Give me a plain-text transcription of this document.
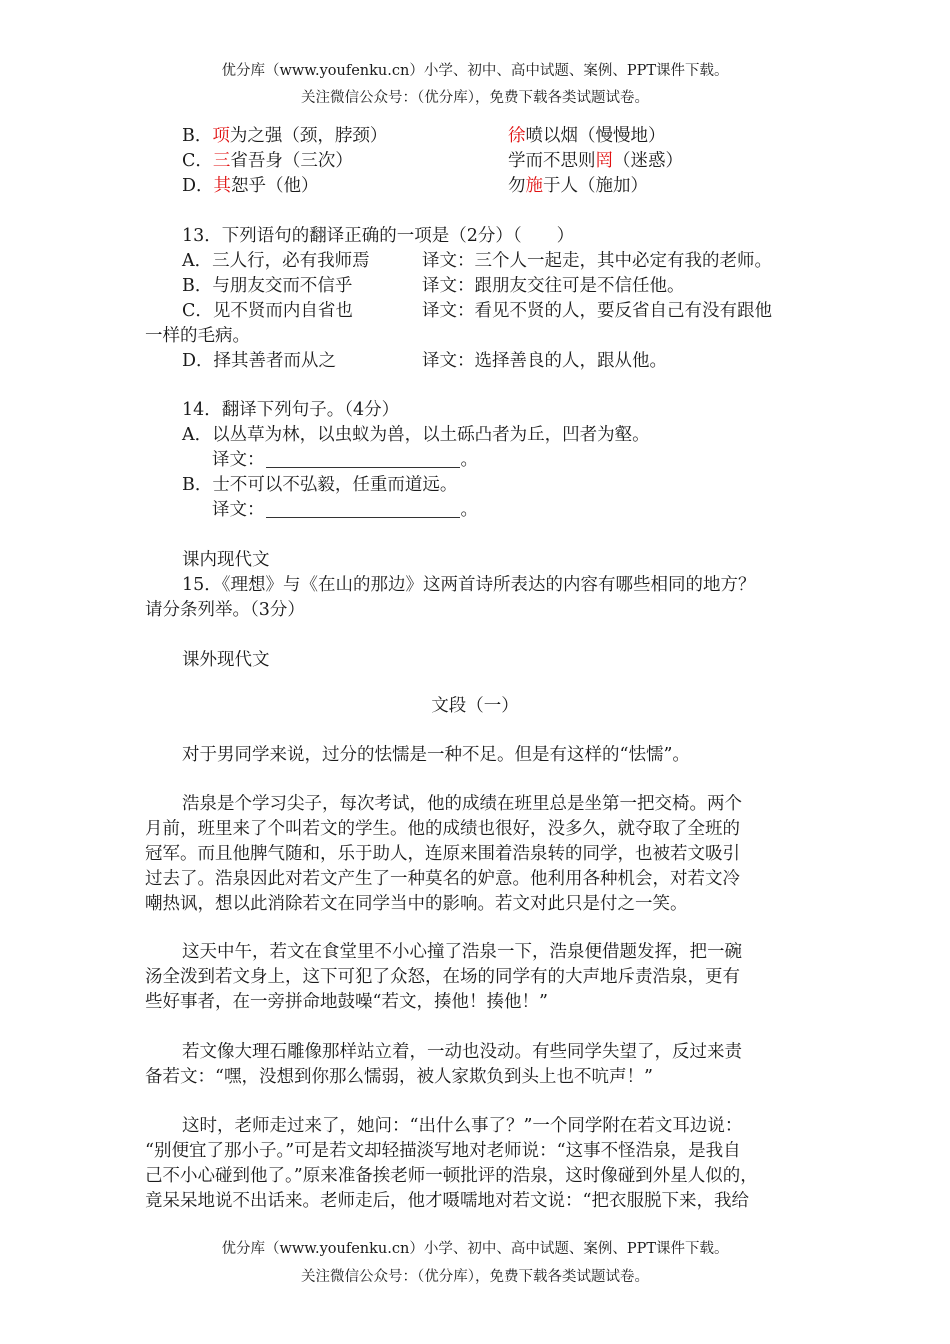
优分库（www.youfenku.cn）小学、初中、高中试题、案例、PPT课件下载。
关注微信公众号：（优分库），免费下载各类试题试卷。
B．项为之强（颈，脖颈）	徐喷以烟（慢慢地）
C．三省吾身（三次）	学而不思则罔（迷惑）
D．其恕乎（他）	勿施于人（施加）
13．下列语句的翻译正确的一项是（2分）（　　）
A．三人行，必有我师焉	译文：三个人一起走，其中必定有我的老师。
B．与朋友交而不信乎	译文：跟朋友交往可是不信任他。
C．见不贤而内自省也	译文：看见不贤的人，要反省自己有没有跟他
一样的毛病。
D．择其善者而从之	译文：选择善良的人，跟从他。
14．翻译下列句子。（4分）
A．以丛草为林，以虫蚁为兽，以土砾凸者为丘，凹者为壑。
译文：	。
B．士不可以不弘毅，任重而道远。
译文：	。
课内现代文
15．《理想》与《在山的那边》这两首诗所表达的内容有哪些相同的地方？
请分条列举。（3分）
课外现代文
文段（一）
对于男同学来说，过分的怯懦是一种不足。但是有这样的“怯懦”。
浩泉是个学习尖子，每次考试，他的成绩在班里总是坐第一把交椅。两个
月前，班里来了个叫若文的学生。他的成绩也很好，没多久，就夺取了全班的
冠军。而且他脾气随和，乐于助人，连原来围着浩泉转的同学，也被若文吸引
过去了。浩泉因此对若文产生了一种莫名的妒意。他利用各种机会，对若文冷
嘲热讽，想以此消除若文在同学当中的影响。若文对此只是付之一笑。
这天中午，若文在食堂里不小心撞了浩泉一下，浩泉便借题发挥，把一碗
汤全泼到若文身上，这下可犯了众怒，在场的同学有的大声地斥责浩泉，更有
些好事者，在一旁拼命地鼓噪“若文，揍他！揍他！”
若文像大理石雕像那样站立着，一动也没动。有些同学失望了，反过来责
备若文：“嘿，没想到你那么懦弱，被人家欺负到头上也不吭声！”
这时，老师走过来了，她问：“出什么事了？”一个同学附在若文耳边说：
“别便宜了那小子。”可是若文却轻描淡写地对老师说：“这事不怪浩泉，是我自
己不小心碰到他了。”原来准备挨老师一顿批评的浩泉，这时像碰到外星人似的，
竟呆呆地说不出话来。老师走后，他才嗫嚅地对若文说：“把衣服脱下来，我给
优分库（www.youfenku.cn）小学、初中、高中试题、案例、PPT课件下载。
关注微信公众号：（优分库），免费下载各类试题试卷。
